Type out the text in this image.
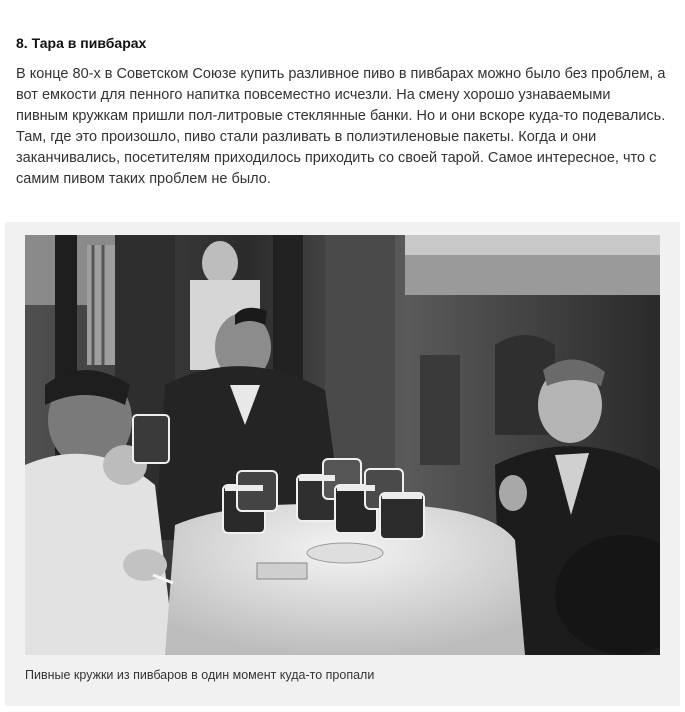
8. Тара в пивбарах

В конце 80-х в Советском Союзе купить разливное пиво в пивбарах можно было без проблем, а вот емкости для пенного напитка повсеместно исчезли. На смену хорошо узнаваемыми пивным кружкам пришли пол-литровые стеклянные банки. Но и они вскоре куда-то подевались. Там, где это произошло, пиво стали разливать в полиэтиленовые пакеты. Когда и они заканчивались, посетителям приходилось приходить со своей тарой. Самое интересное, что с самим пивом таких проблем не было.

Пивные кружки из пивбаров в один момент куда-то пропали
